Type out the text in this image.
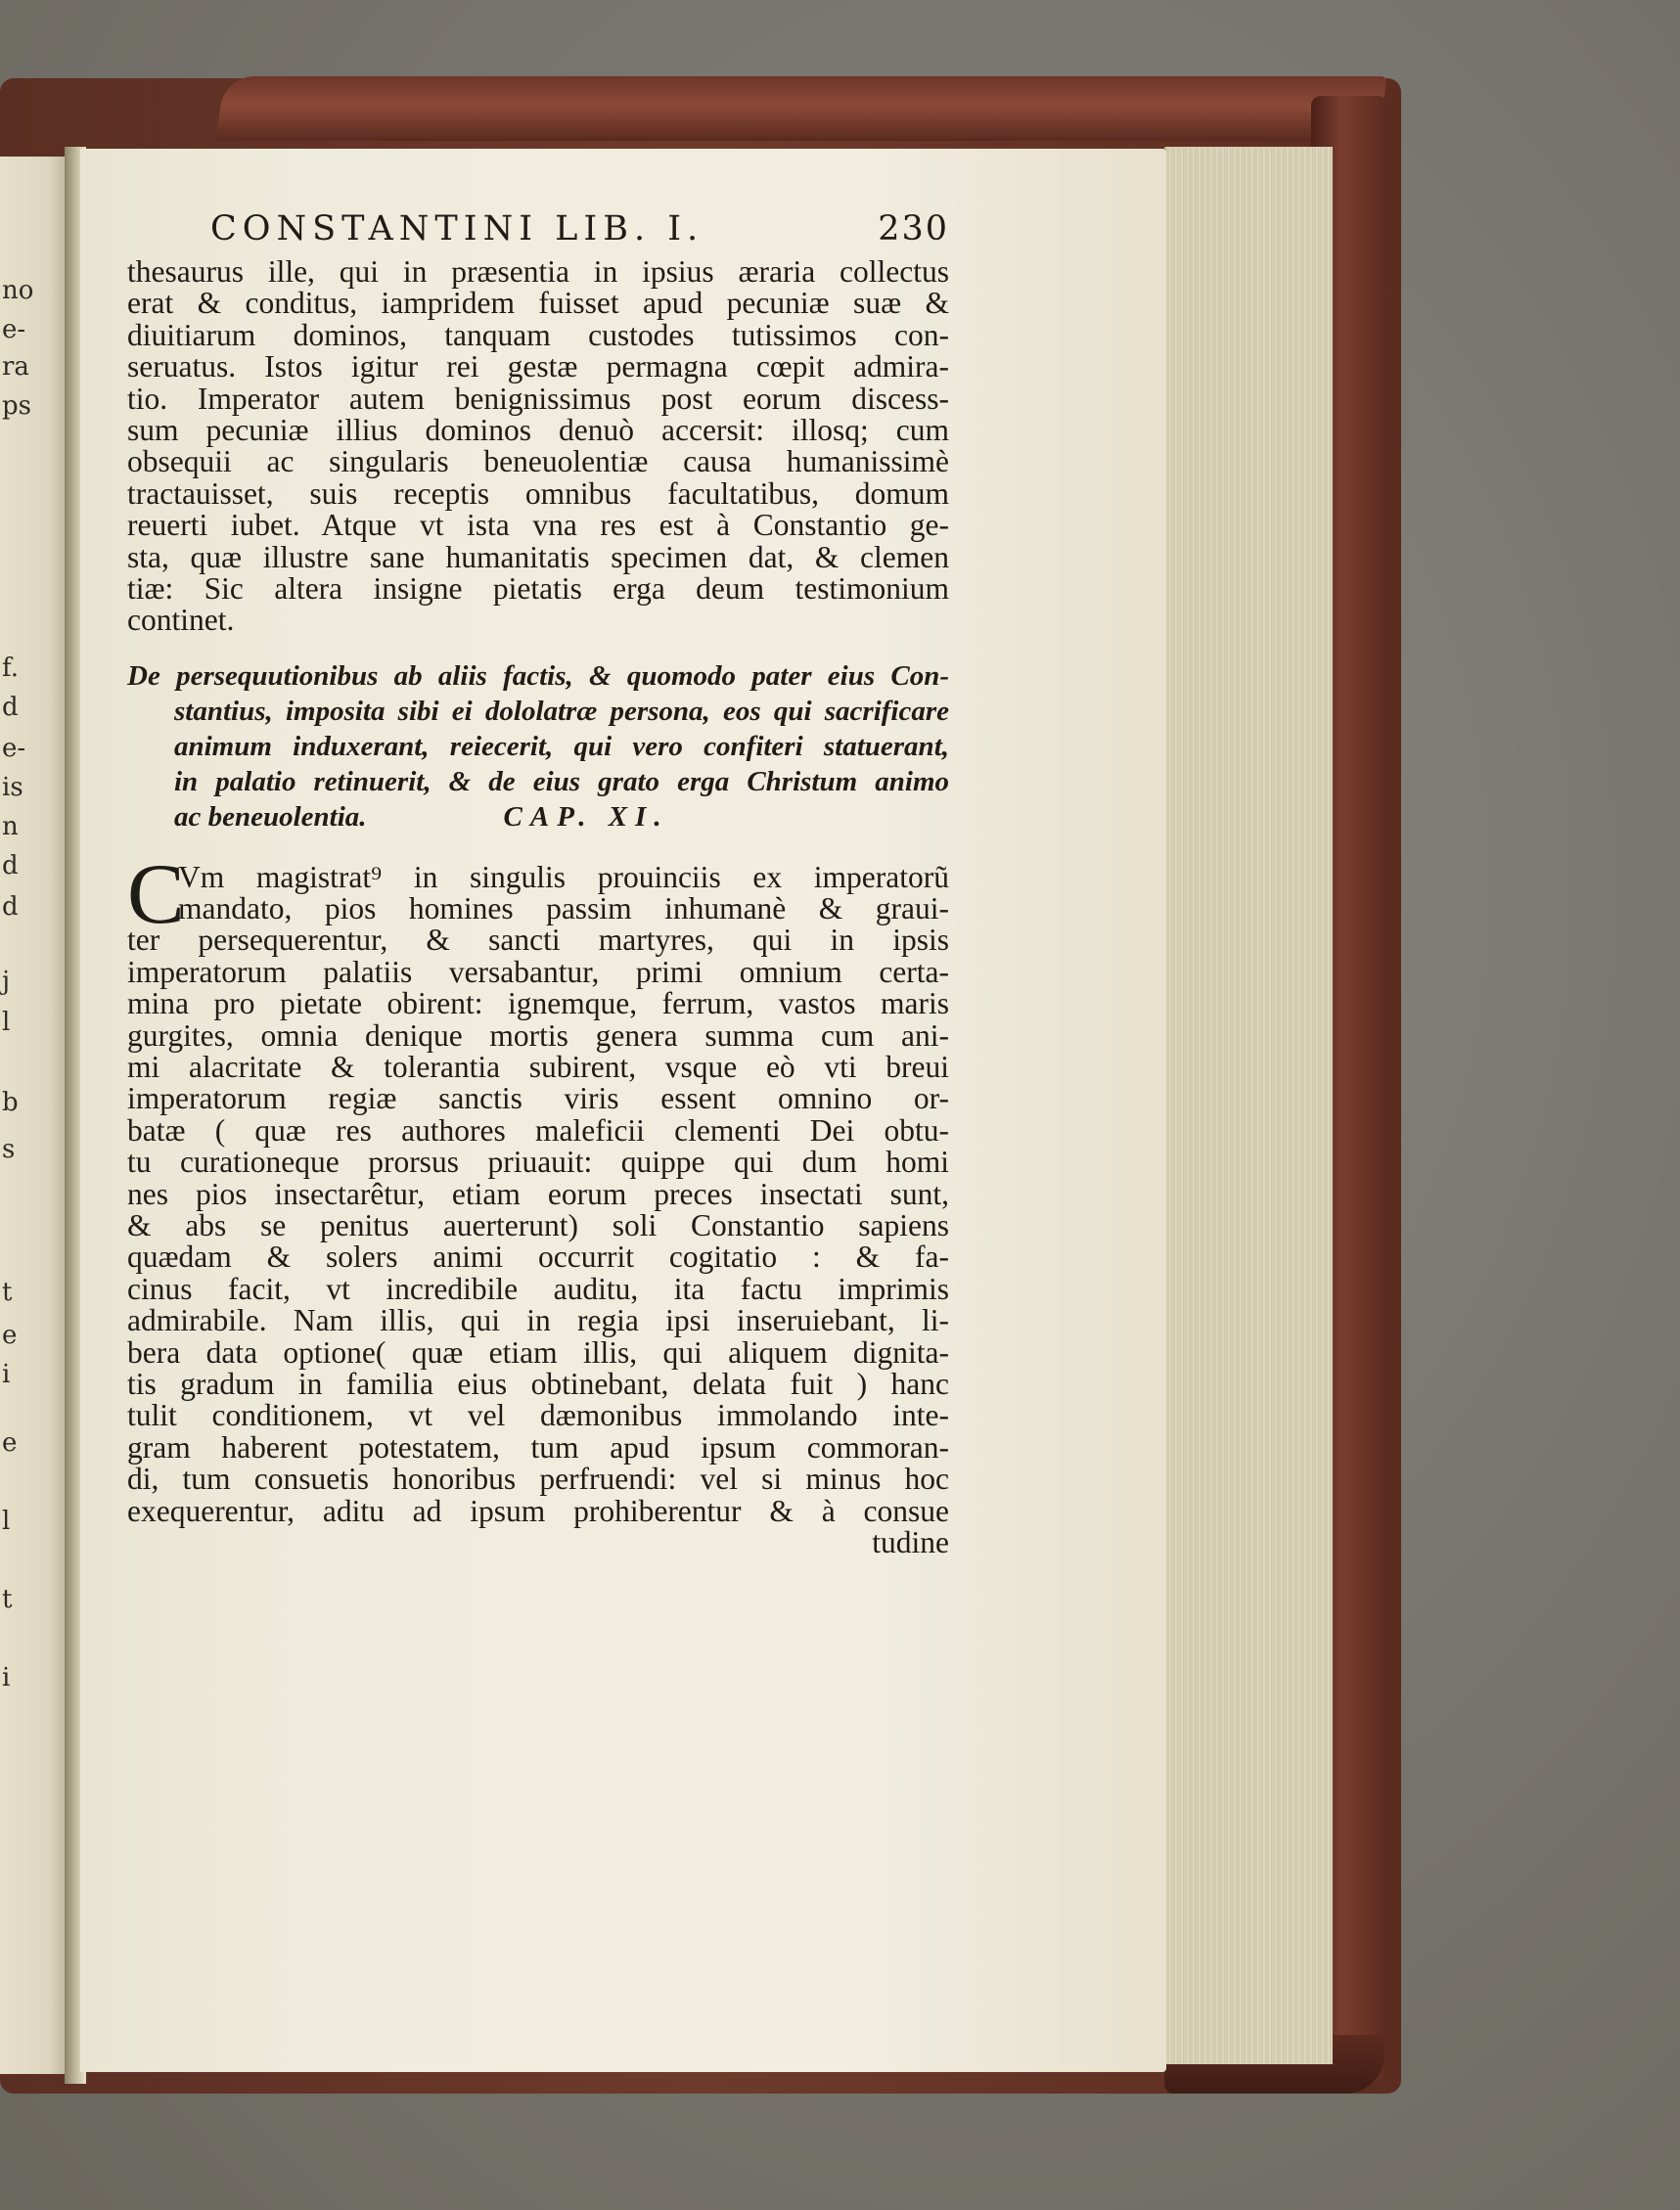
no
e-
ra
ps
f.
d
e-
is
n
d
d
j
l
b
s
t
e
i
e
l
t
i
CONSTANTINI LIB. I.	230
thesaurus ille, qui in præsentia in ipsius æraria collectus
erat & conditus, iampridem fuisset apud pecuniæ suæ &
diuitiarum dominos, tanquam custodes tutissimos con-
seruatus. Istos igitur rei gestæ permagna cœpit admira-
tio. Imperator autem benignissimus post eorum discess-
sum pecuniæ illius dominos denuò accersit: illosq; cum
obsequii ac singularis beneuolentiæ causa humanissimè
tractauisset, suis receptis omnibus facultatibus, domum
reuerti iubet. Atque vt ista vna res est à Constantio ge-
sta, quæ illustre sane humanitatis specimen dat, & clemen
tiæ: Sic altera insigne pietatis erga deum testimonium
continet.
De persequutionibus ab aliis factis, & quomodo pater eius Con-
stantius, imposita sibi ei dololatræ persona, eos qui sacrificare
animum induxerant, reiecerit, qui vero confiteri statuerant,
in palatio retinuerit, & de eius grato erga Christum animo
ac beneuolentia.	CAP. XI.
C
Vm magistrat⁹ in singulis prouinciis ex imperatorũ
mandato, pios homines passim inhumanè & graui-
ter persequerentur, & sancti martyres, qui in ipsis
imperatorum palatiis versabantur, primi omnium certa-
mina pro pietate obirent: ignemque, ferrum, vastos maris
gurgites, omnia denique mortis genera summa cum ani-
mi alacritate & tolerantia subirent, vsque eò vti breui
imperatorum regiæ sanctis viris essent omnino or-
batæ ( quæ res authores maleficii clementi Dei obtu-
tu curationeque prorsus priuauit: quippe qui dum homi
nes pios insectarêtur, etiam eorum preces insectati sunt,
& abs se penitus auerterunt) soli Constantio sapiens
quædam & solers animi occurrit cogitatio : & fa-
cinus facit, vt incredibile auditu, ita factu imprimis
admirabile. Nam illis, qui in regia ipsi inseruiebant, li-
bera data optione( quæ etiam illis, qui aliquem dignita-
tis gradum in familia eius obtinebant, delata fuit ) hanc
tulit conditionem, vt vel dæmonibus immolando inte-
gram haberent potestatem, tum apud ipsum commoran-
di, tum consuetis honoribus perfruendi: vel si minus hoc
exequerentur, aditu ad ipsum prohiberentur & à consue
tudine
